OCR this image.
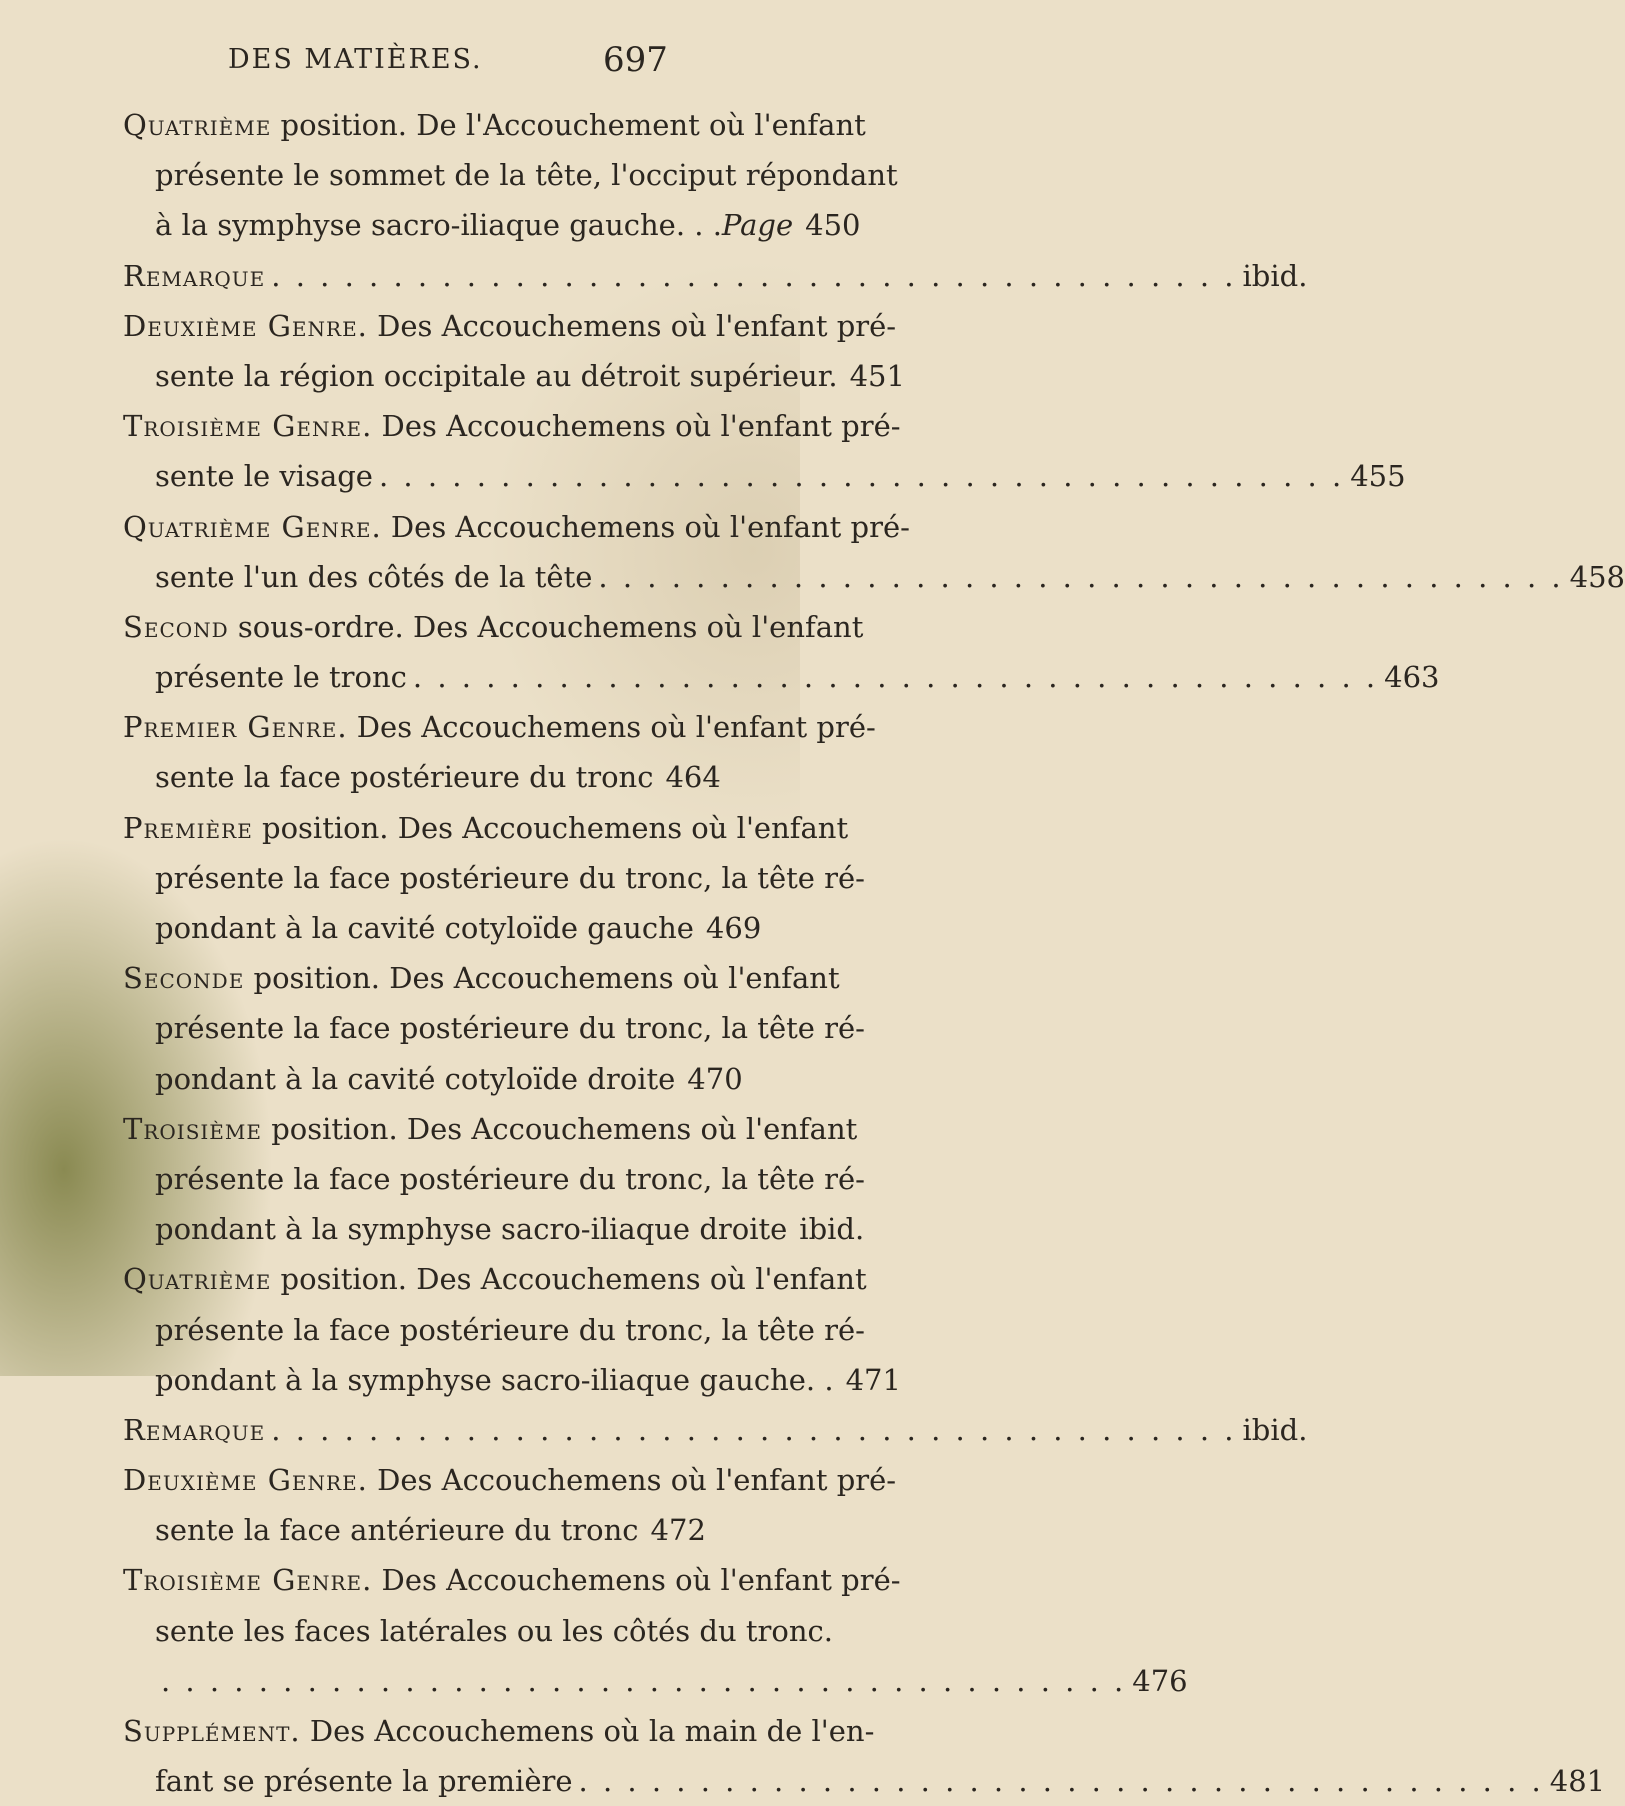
DES MATIÈRES.	697
Quatrième position. De l'Accouchement où l'enfant
présente le sommet de la tête, l'occiput répondant
à la symphyse sacro-iliaque gauche. . . Page 450
Remarque . . . . . . . . . . . . . . . . . . . . . . . . . . . . . . . . . . . . . . . . ibid.
Deuxième Genre. Des Accouchemens où l'enfant pré-
sente la région occipitale au détroit supérieur. 451
Troisième Genre. Des Accouchemens où l'enfant pré-
sente le visage . . . . . . . . . . . . . . . . . . . . . . . . . . . . . . . . . . . . . . . . 455
Quatrième Genre. Des Accouchemens où l'enfant pré-
sente l'un des côtés de la tête . . . . . . . . . . . . . . . . . . . . . . . . . . . . . . . . . . . . . . . . 458
Second sous-ordre. Des Accouchemens où l'enfant
présente le tronc . . . . . . . . . . . . . . . . . . . . . . . . . . . . . . . . . . . . . . . . 463
Premier Genre. Des Accouchemens où l'enfant pré-
sente la face postérieure du tronc 464
Première position. Des Accouchemens où l'enfant
présente la face postérieure du tronc, la tête ré-
pondant à la cavité cotyloïde gauche 469
Seconde position. Des Accouchemens où l'enfant
présente la face postérieure du tronc, la tête ré-
pondant à la cavité cotyloïde droite 470
Troisième position. Des Accouchemens où l'enfant
présente la face postérieure du tronc, la tête ré-
pondant à la symphyse sacro-iliaque droite ibid.
Quatrième position. Des Accouchemens où l'enfant
présente la face postérieure du tronc, la tête ré-
pondant à la symphyse sacro-iliaque gauche. . 471
Remarque . . . . . . . . . . . . . . . . . . . . . . . . . . . . . . . . . . . . . . . . ibid.
Deuxième Genre. Des Accouchemens où l'enfant pré-
sente la face antérieure du tronc 472
Troisième Genre. Des Accouchemens où l'enfant pré-
sente les faces latérales ou les côtés du tronc.
. . . . . . . . . . . . . . . . . . . . . . . . . . . . . . . . . . . . . . . . 476
Supplément. Des Accouchemens où la main de l'en-
fant se présente la première . . . . . . . . . . . . . . . . . . . . . . . . . . . . . . . . . . . . . . . . 481
